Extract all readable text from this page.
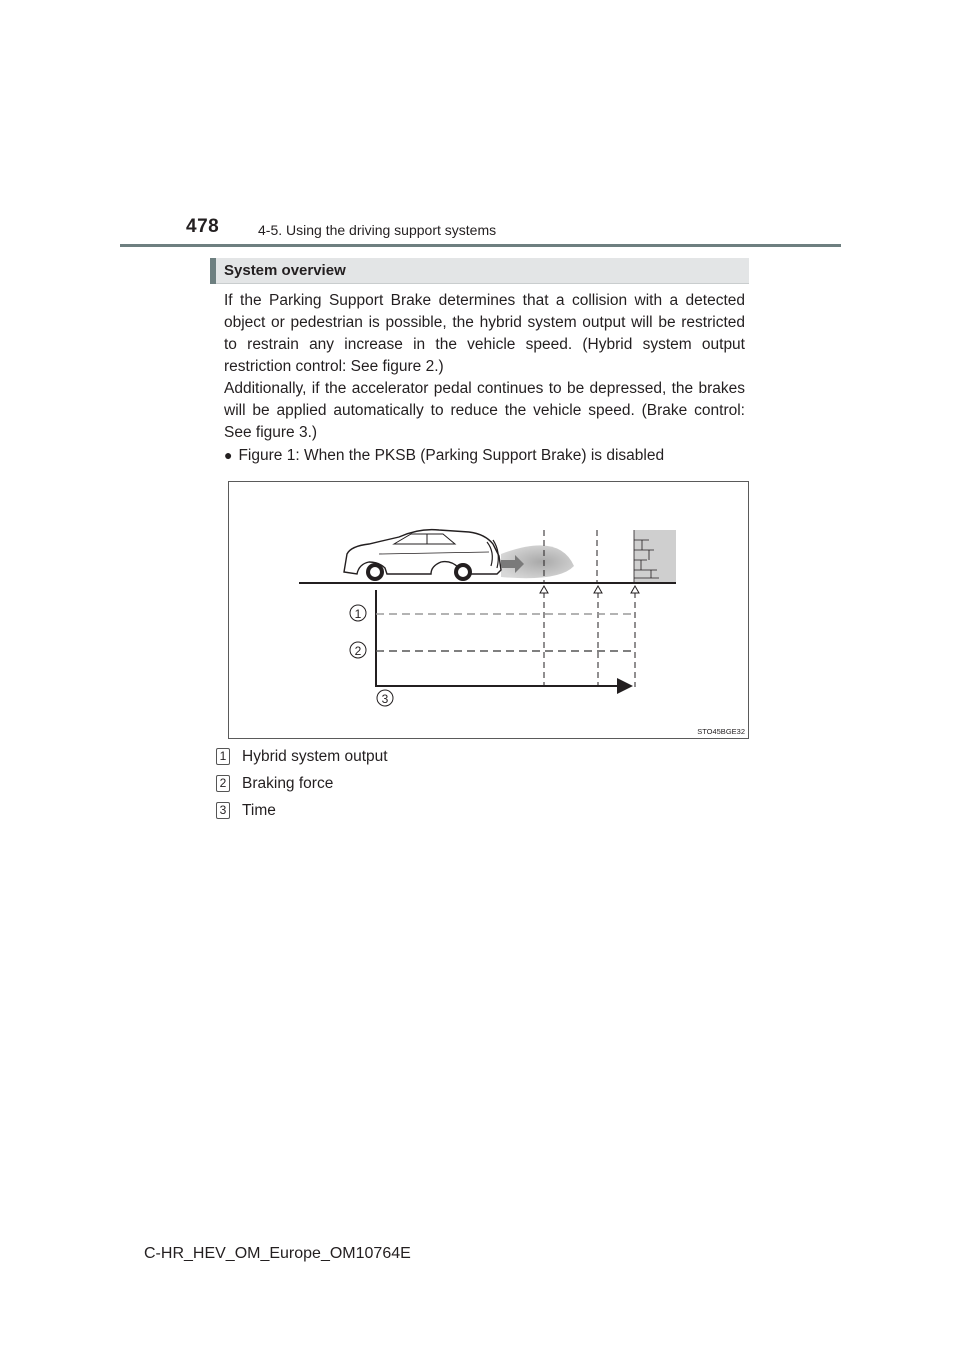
478	4-5. Using the driving support systems
System overview

If the Parking Support Brake determines that a collision with a detected object or pedestrian is possible, the hybrid system output will be restricted to restrain any increase in the vehicle speed. (Hybrid system output restriction control: See figure 2.)

Additionally, if the accelerator pedal continues to be depressed, the brakes will be applied automatically to reduce the vehicle speed. (Brake control: See figure 3.)

● Figure 1: When the PKSB (Parking Support Brake) is disabled
1
2
3
STO45BGE32
1 Hybrid system output
2 Braking force
3 Time
C-HR_HEV_OM_Europe_OM10764E
